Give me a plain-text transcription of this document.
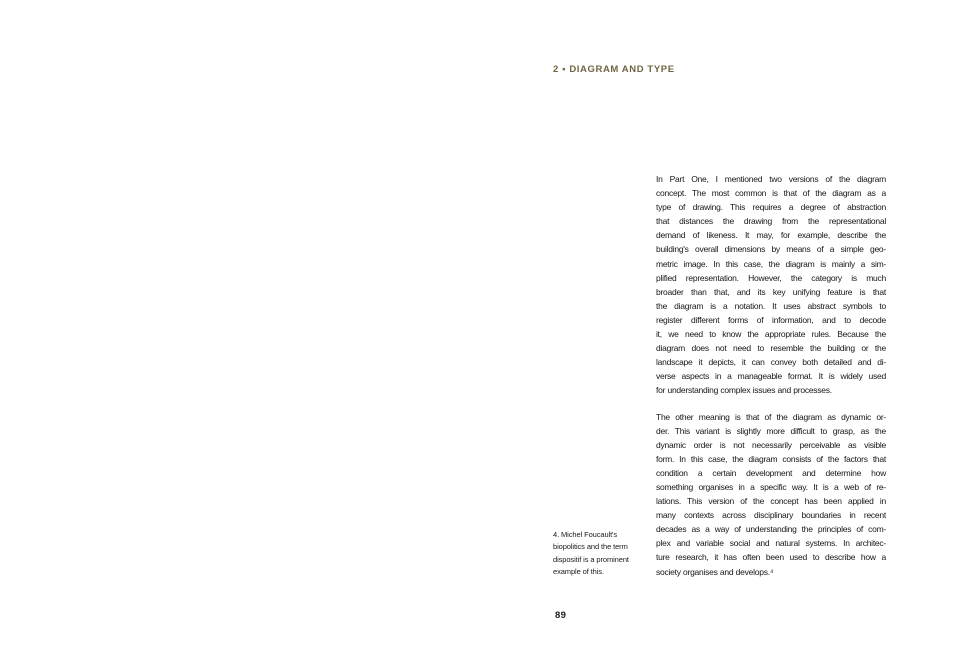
2 ▪ DIAGRAM AND TYPE
4. Michel Foucault's
biopolitics and the term
dispositif is a prominent
example of this.
In Part One, I mentioned two versions of the diagram
concept. The most common is that of the diagram as a
type of drawing. This requires a degree of abstraction
that distances the drawing from the representational
demand of likeness. It may, for example, describe the
building's overall dimensions by means of a simple geo-
metric image. In this case, the diagram is mainly a sim-
plified representation. However, the category is much
broader than that, and its key unifying feature is that
the diagram is a notation. It uses abstract symbols to
register different forms of information, and to decode
it, we need to know the appropriate rules. Because the
diagram does not need to resemble the building or the
landscape it depicts, it can convey both detailed and di-
verse aspects in a manageable format. It is widely used
for understanding complex issues and processes.
The other meaning is that of the diagram as dynamic or-
der. This variant is slightly more difficult to grasp, as the
dynamic order is not necessarily perceivable as visible
form. In this case, the diagram consists of the factors that
condition a certain development and determine how
something organises in a specific way. It is a web of re-
lations. This version of the concept has been applied in
many contexts across disciplinary boundaries in recent
decades as a way of understanding the principles of com-
plex and variable social and natural systems. In architec-
ture research, it has often been used to describe how a
society organises and develops.⁴
89
